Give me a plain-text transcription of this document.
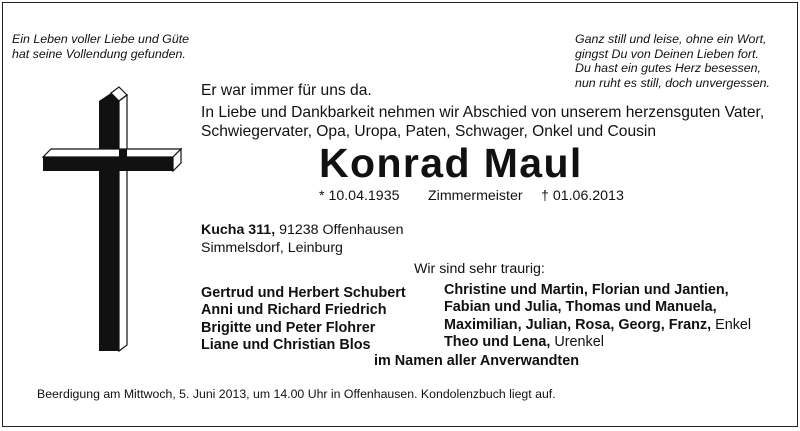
Ein Leben voller Liebe und Güte
hat seine Vollendung gefunden.
Ganz still und leise, ohne ein Wort,
gingst Du von Deinen Lieben fort.
Du hast ein gutes Herz besessen,
nun ruht es still, doch unvergessen.
Er war immer für uns da.
In Liebe und Dankbarkeit nehmen wir Abschied von unserem herzensguten Vater,
Schwiegervater, Opa, Uropa, Paten, Schwager, Onkel und Cousin
Konrad Maul
* 10.04.1935 Zimmermeister † 01.06.2013
Kucha 311, 91238 Offenhausen
Simmelsdorf, Leinburg
Wir sind sehr traurig:
Gertrud und Herbert Schubert
Anni und Richard Friedrich
Brigitte und Peter Flohrer
Liane und Christian Blos
Christine und Martin, Florian und Jantien,
Fabian und Julia, Thomas und Manuela,
Maximilian, Julian, Rosa, Georg, Franz, Enkel
Theo und Lena, Urenkel
im Namen aller Anverwandten
Beerdigung am Mittwoch, 5. Juni 2013, um 14.00 Uhr in Offenhausen. Kondolenzbuch liegt auf.
